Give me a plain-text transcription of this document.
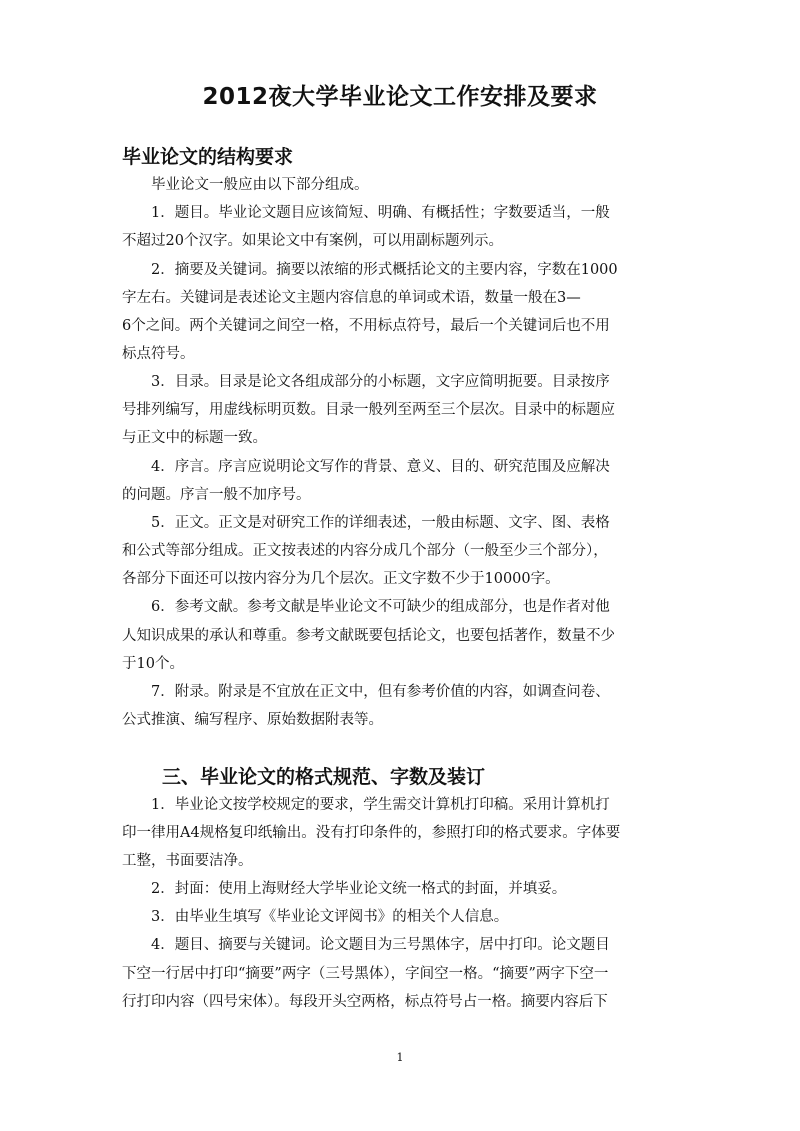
2012夜大学毕业论文工作安排及要求
毕业论文的结构要求
毕业论文一般应由以下部分组成。
1．题目。毕业论文题目应该简短、明确、有概括性；字数要适当，一般
不超过20个汉字。如果论文中有案例，可以用副标题列示。
2．摘要及关键词。摘要以浓缩的形式概括论文的主要内容，字数在1000
字左右。关键词是表述论文主题内容信息的单词或术语，数量一般在3—
6个之间。两个关键词之间空一格，不用标点符号，最后一个关键词后也不用
标点符号。
3．目录。目录是论文各组成部分的小标题，文字应简明扼要。目录按序
号排列编写，用虚线标明页数。目录一般列至两至三个层次。目录中的标题应
与正文中的标题一致。
4．序言。序言应说明论文写作的背景、意义、目的、研究范围及应解决
的问题。序言一般不加序号。
5．正文。正文是对研究工作的详细表述，一般由标题、文字、图、表格
和公式等部分组成。正文按表述的内容分成几个部分（一般至少三个部分），
各部分下面还可以按内容分为几个层次。正文字数不少于10000字。
6．参考文献。参考文献是毕业论文不可缺少的组成部分，也是作者对他
人知识成果的承认和尊重。参考文献既要包括论文，也要包括著作，数量不少
于10个。
7．附录。附录是不宜放在正文中，但有参考价值的内容，如调查问卷、
公式推演、编写程序、原始数据附表等。
三、毕业论文的格式规范、字数及装订
1．毕业论文按学校规定的要求，学生需交计算机打印稿。采用计算机打
印一律用A4规格复印纸输出。没有打印条件的，参照打印的格式要求。字体要
工整，书面要洁净。
2．封面：使用上海财经大学毕业论文统一格式的封面，并填妥。
3．由毕业生填写《毕业论文评阅书》的相关个人信息。
4．题目、摘要与关键词。论文题目为三号黑体字，居中打印。论文题目
下空一行居中打印“摘要”两字（三号黑体），字间空一格。“摘要”两字下空一
行打印内容（四号宋体）。每段开头空两格，标点符号占一格。摘要内容后下
1
